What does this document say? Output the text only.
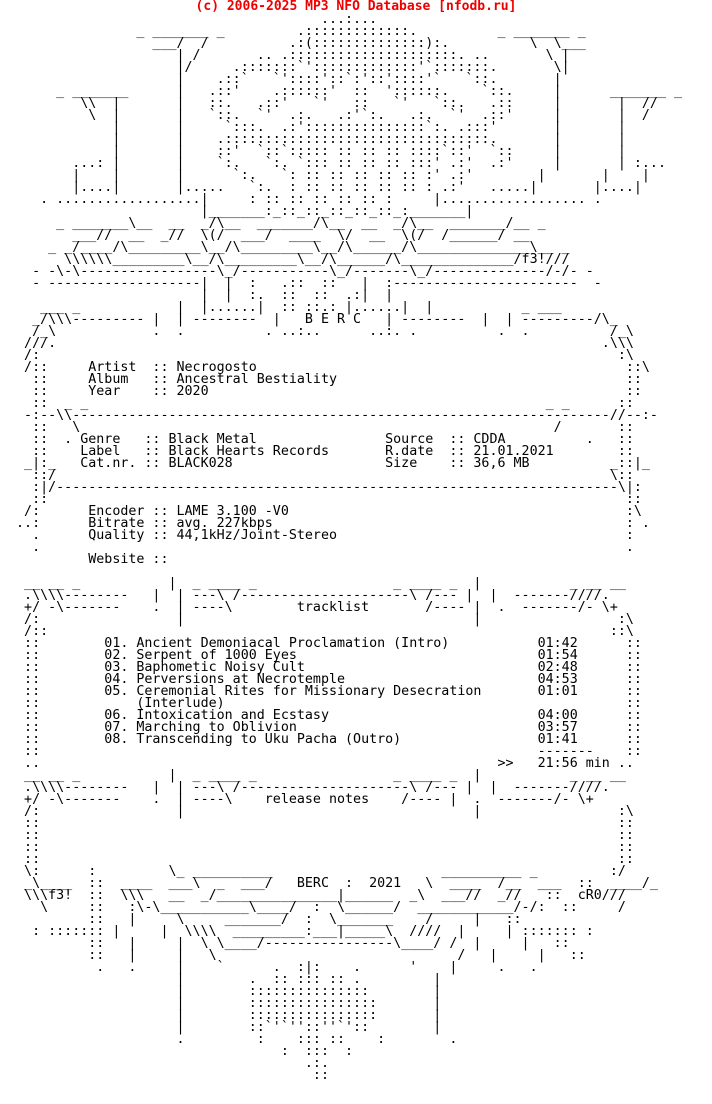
(c) 2006-2025 MP3 NFO Database [nfodb.ru]
...:...
_ _______ _         .:::::::::::::.          _ _______ _
___/  /          .:(::::::::::::::):.          \  \___
| /       .. .:::::::::::::::::::::. ..       \ |
|/     .:::::::`':::::::::::::'`:::::::.       \|
|    .::`   `'::::'::`:'::'::::'`   `::.       |
_ _______      |   .::'    .::::::'  ::  '::::::.    `::.     |      _______ _
\\  |       |   ::.   .::'   `'   ::   `'   `::.   .::     |       |  //
\  |       |   `::.  `'  .:.   .:'`:.   .:.  `'  .::'     |       |  /
|       |     `:::.  .:':::::::::::::::`:. .:::'       |       |
|       |    .:::::::::::::::::::::::::::::::::.       |       |
|       |    ::'  `::`::::: :: :: :: ::::`::'  `::     |       |
...: |       |    `:.   `:. `::: :: :: :: :::' .:'  .:'     |       | :...
|    |       |      `:.   `: :: :: :: :: :: :' .:'        |       |    |
|....|       |.....   `:.  : :: :: :: :: :: : .:'   .....|       |....|
. ..................|     : :: :: :: :: :: :     |.................. .
|_______:_::_::_::_::_::_:_______|
_ _______\__  __  _/\__  _______/\__  __  _/\__  _______/__ _
___//  __  _//  \(/  ___/  ____  \/  __  \(/  /______/ __
_ _/____/\_________\__/\_________\__/\______/\______________\__ _
\\\\\\_________\__/\_________\__/\______/\______________/f3!///
- -\-\-----------------\_/-----------\_/-------\_/--------------/-/- -
- -------------------|  |  :   .::  ::   |  :-----------------------  -
|  |  :.  ::  ::  .:|  |
___ _            |  |......|  :: ::.: |......|  |           _ ___
_/\\\--------- |  | --------  |   B E R C   | --------  |  | ---------/\_
/_\            .  .          . ..:..      ..:. .          .  .          /_\
///.                                                                    .\\\
/:                                                                        :\
/::     Artist  :: Necrogosto                                              ::\
::     Album   :: Ancestral Bestiality                                    ::
::     Year    :: 2020                                                    ::
::  _ _                                                         _ _      ::
-:--\\-------------------------------------------------------------------//--:-
::   \                                                           /       ::
::  . Genre   :: Black Metal                Source  :: CDDA          .   ::
::    Label   :: Black Hearts Records       R.date  :: 21.01.2021        ::
_|:_   Cat.nr. :: BLACK028                   Size    :: 36,6 MB          _::|_
::/                                                                     \::
:|/----------------------------------------------------------------------\|:
::                                                                        ::
/:      Encoder :: LAME 3.100 -V0                                          :\
..:      Bitrate :: avg. 227kbps                                            : .
.      Quality :: 44,1kHz/Joint-Stereo                                    :
.                                                                         .
Website ::

__ __ _           |  _ ____ _                 _ ____ _  |           _ __ __
.\\\\--------   |  | ---\ /---------------------\ /--- |  |  -------////.
+/ -\-------    .  | ----\        tracklist       /---- |  .  -------/- \+
/:                 |                                    |                 :\
/::                                                                      ::\
::        01. Ancient Demoniacal Proclamation (Intro)           01:42      ::
::        02. Serpent of 1000 Eyes                              01:54      ::
::        03. Baphometic Noisy Cult                             02:48      ::
::        04. Perversions at Necrotemple                        04:53      ::
::        05. Ceremonial Rites for Missionary Desecration       01:01      ::
::            (Interlude)                                                  ::
::        06. Intoxication and Ecstasy                          04:00      ::
::        07. Marching to Oblivion                              03:57      ::
::        08. Transcending to Uku Pacha (Outro)                 01:41      ::
::                                                              -------    ::
..                                                         >>   21:56 min ..
__ __ _           |  _ ____ _                 _ ____ _  |           _ __ __
.\\\\--------   |  | ---\ /---------------------\ /--- |  |  -------////.
+/ -\-------    .  | ----\    release notes    /---- |  .  -------/- \+
/:                 |                                    |                 :\
::                                                                        ::
::                                                                        ::
::                                                                        ::
::                                                                        ::
\:      :         \_ __________                     __________ _         :/
_\____  ::  ____  ___\  _  ___/   BERC  :  2021   \  ____  /__  ___  ::  ____/_
\\\f3!  ::  \\\   __  _/_______________|______  _\  ___//  _//   ::  cR0///
\     ::   :\-\___________\____/  :  \______/  ____________/-/:  ::     /
::   |     \     _______/  :  \_______    /     |   ::
: ::::::: |     |  \\\\  _________:___|_____\  ////  |     | ::::::: :
::   |     |  \ \____/----------------\____/ /  |     |   ::
::   |     |   \                              /   |     |   ::
.   .     |    `      .  :|:    .      '    |     .   .
|        .  :: ::: :: .         |
|        :::::::::::::::        |
|        ::::::::::::::::       |
|        ::::::::::::::::       |
|        ::`'`''::''`'::        |
.         :    ::: ::    :        .
:  :::  :
.:.
::
